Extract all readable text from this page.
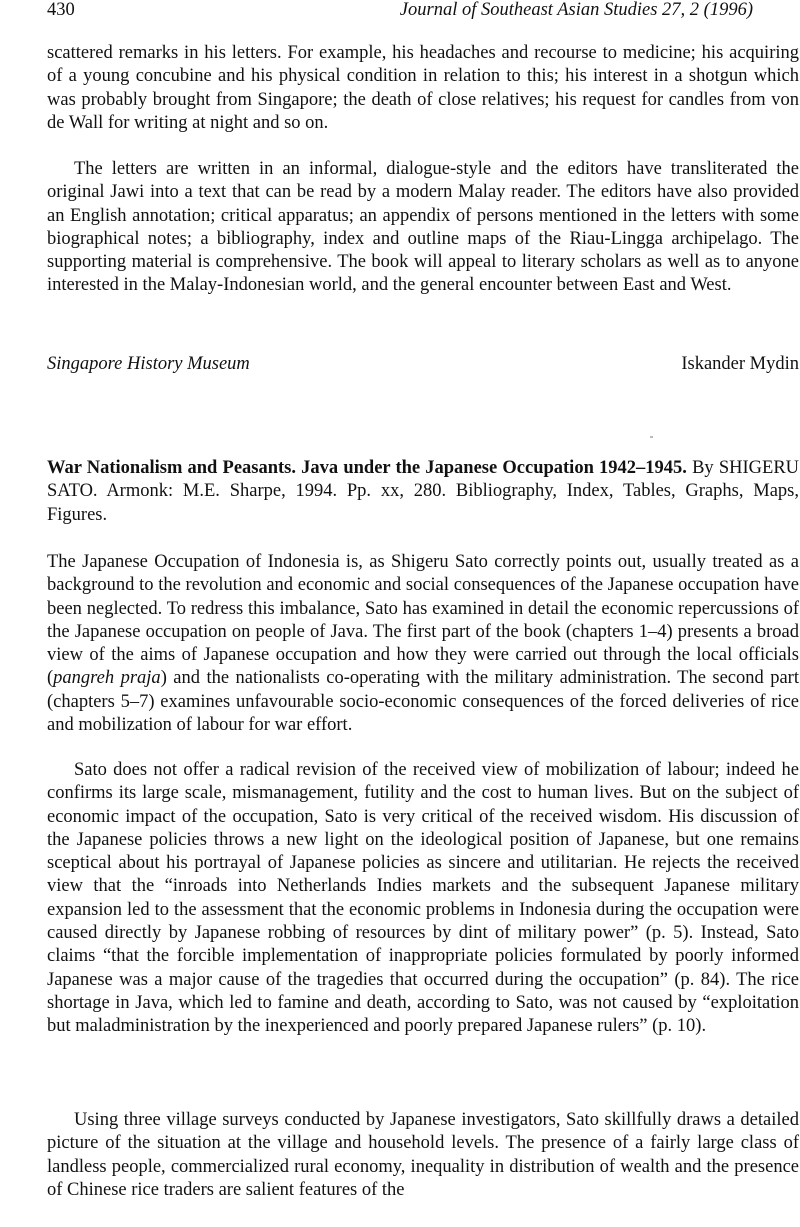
430	Journal of Southeast Asian Studies 27, 2 (1996)

scattered remarks in his letters. For example, his headaches and recourse to medicine; his acquiring of a young concubine and his physical condition in relation to this; his interest in a shotgun which was probably brought from Singapore; the death of close relatives; his request for candles from von de Wall for writing at night and so on.

The letters are written in an informal, dialogue-style and the editors have transliterated the original Jawi into a text that can be read by a modern Malay reader. The editors have also provided an English annotation; critical apparatus; an appendix of persons mentioned in the letters with some biographical notes; a bibliography, index and outline maps of the Riau-Lingga archipelago. The supporting material is comprehensive. The book will appeal to literary scholars as well as to anyone interested in the Malay-Indonesian world, and the general encounter between East and West.

Singapore History Museum	Iskander Mydin

War Nationalism and Peasants. Java under the Japanese Occupation 1942–1945. By SHIGERU SATO. Armonk: M.E. Sharpe, 1994. Pp. xx, 280. Bibliography, Index, Tables, Graphs, Maps, Figures.

The Japanese Occupation of Indonesia is, as Shigeru Sato correctly points out, usually treated as a background to the revolution and economic and social consequences of the Japanese occupation have been neglected. To redress this imbalance, Sato has examined in detail the economic repercussions of the Japanese occupation on people of Java. The first part of the book (chapters 1–4) presents a broad view of the aims of Japanese occupation and how they were carried out through the local officials (pangreh praja) and the nationalists co-operating with the military administration. The second part (chapters 5–7) examines unfavourable socio-economic consequences of the forced deliveries of rice and mobilization of labour for war effort.

Sato does not offer a radical revision of the received view of mobilization of labour; indeed he confirms its large scale, mismanagement, futility and the cost to human lives. But on the subject of economic impact of the occupation, Sato is very critical of the received wisdom. His discussion of the Japanese policies throws a new light on the ideological position of Japanese, but one remains sceptical about his portrayal of Japanese policies as sincere and utilitarian. He rejects the received view that the “inroads into Netherlands Indies markets and the subsequent Japanese military expansion led to the assessment that the economic problems in Indonesia during the occupation were caused directly by Japanese robbing of resources by dint of military power” (p. 5). Instead, Sato claims “that the forcible implementation of inappropriate policies formulated by poorly informed Japanese was a major cause of the tragedies that occurred during the occupation” (p. 84). The rice shortage in Java, which led to famine and death, according to Sato, was not caused by “exploitation but maladministration by the inexperienced and poorly prepared Japanese rulers” (p. 10).

Using three village surveys conducted by Japanese investigators, Sato skillfully draws a detailed picture of the situation at the village and household levels. The presence of a fairly large class of landless people, commercialized rural economy, inequality in distribution of wealth and the presence of Chinese rice traders are salient features of the
